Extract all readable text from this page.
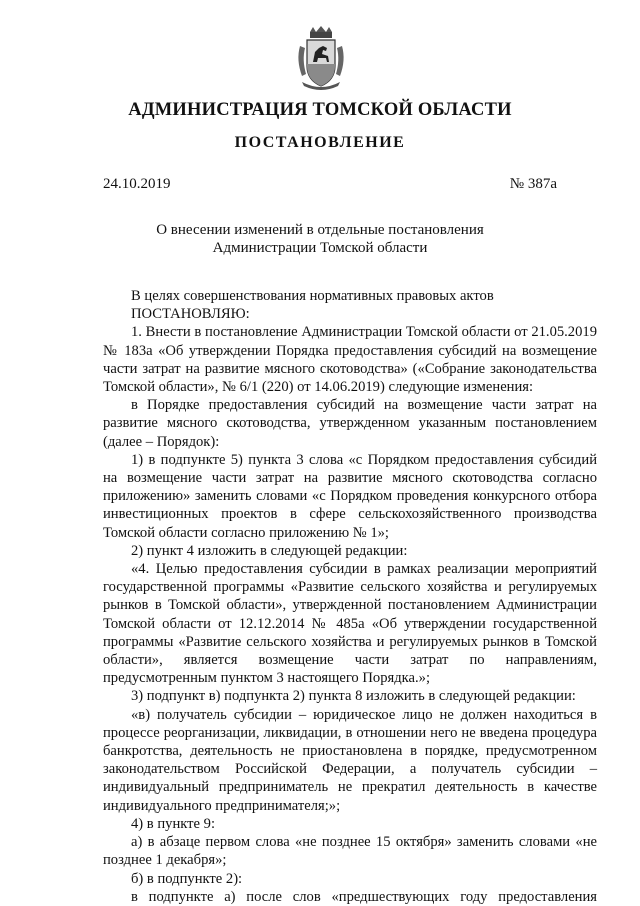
АДМИНИСТРАЦИЯ ТОМСКОЙ ОБЛАСТИ
ПОСТАНОВЛЕНИЕ
24.10.2019	№ 387а
О внесении изменений в отдельные постановления
Администрации Томской области

В целях совершенствования нормативных правовых актов

ПОСТАНОВЛЯЮ:

1. Внести в постановление Администрации Томской области от 21.05.2019 № 183а «Об утверждении Порядка предоставления субсидий на возмещение части затрат на развитие мясного скотоводства» («Собрание законодательства Томской области», № 6/1 (220) от 14.06.2019) следующие изменения:

в Порядке предоставления субсидий на возмещение части затрат на развитие мясного скотоводства, утвержденном указанным постановлением (далее – Порядок):

1) в подпункте 5) пункта 3 слова «с Порядком предоставления субсидий на возмещение части затрат на развитие мясного скотоводства согласно приложению» заменить словами «с Порядком проведения конкурсного отбора инвестиционных проектов в сфере сельскохозяйственного производства Томской области согласно приложению № 1»;

2) пункт 4 изложить в следующей редакции:

«4. Целью предоставления субсидии в рамках реализации мероприятий государственной программы «Развитие сельского хозяйства и регулируемых рынков в Томской области», утвержденной постановлением Администрации Томской области от 12.12.2014 № 485а «Об утверждении государственной программы «Развитие сельского хозяйства и регулируемых рынков в Томской области», является возмещение части затрат по направлениям, предусмотренным пунктом 3 настоящего Порядка.»;

3) подпункт в) подпункта 2) пункта 8 изложить в следующей редакции:

«в) получатель субсидии – юридическое лицо не должен находиться в процессе реорганизации, ликвидации, в отношении него не введена процедура банкротства, деятельность не приостановлена в порядке, предусмотренном законодательством Российской Федерации, а получатель субсидии – индивидуальный предприниматель не прекратил деятельность в качестве индивидуального предпринимателя;»;

4) в пункте 9:

а) в абзаце первом слова «не позднее 15 октября» заменить словами «не позднее 1 декабря»;

б) в подпункте 2):

в подпункте а) после слов «предшествующих году предоставления
